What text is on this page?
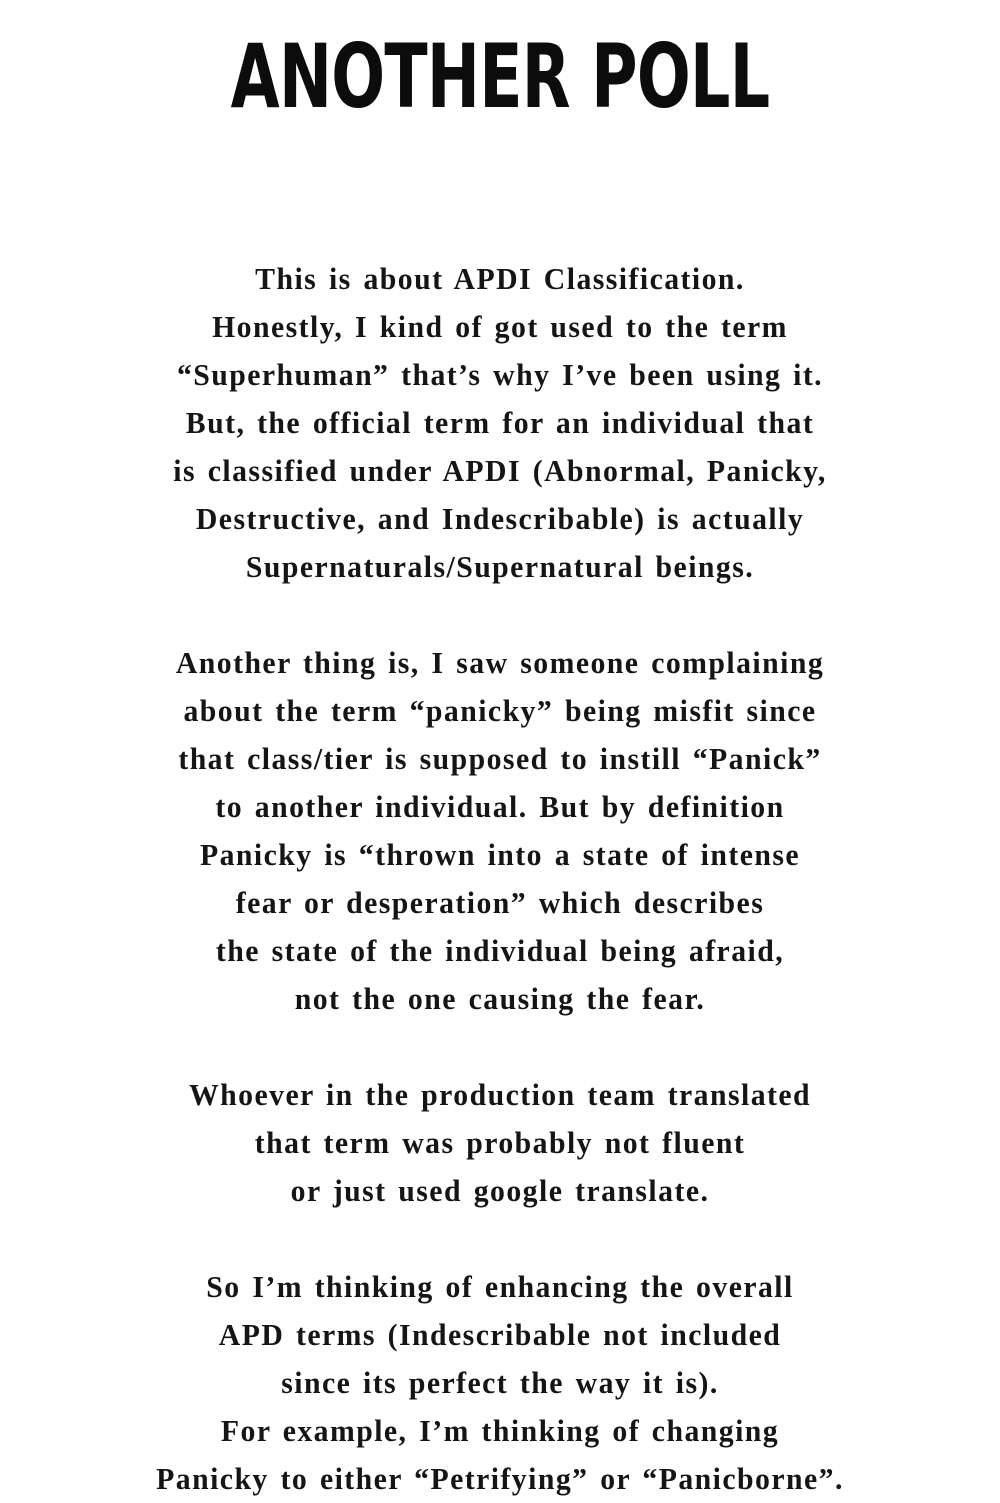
ANOTHER POLL
This is about APDI Classification.
Honestly, I kind of got used to the term
“Superhuman” that’s why I’ve been using it.
But, the official term for an individual that
is classified under APDI (Abnormal, Panicky,
Destructive, and Indescribable) is actually
Supernaturals/Supernatural beings.
Another thing is, I saw someone complaining
about the term “panicky” being misfit since
that class/tier is supposed to instill “Panick”
to another individual. But by definition
Panicky is “thrown into a state of intense
fear or desperation” which describes
the state of the individual being afraid,
not the one causing the fear.
Whoever in the production team translated
that term was probably not fluent
or just used google translate.
So I’m thinking of enhancing the overall
APD terms (Indescribable not included
since its perfect the way it is).
For example, I’m thinking of changing
Panicky to either “Petrifying” or “Panicborne”.
